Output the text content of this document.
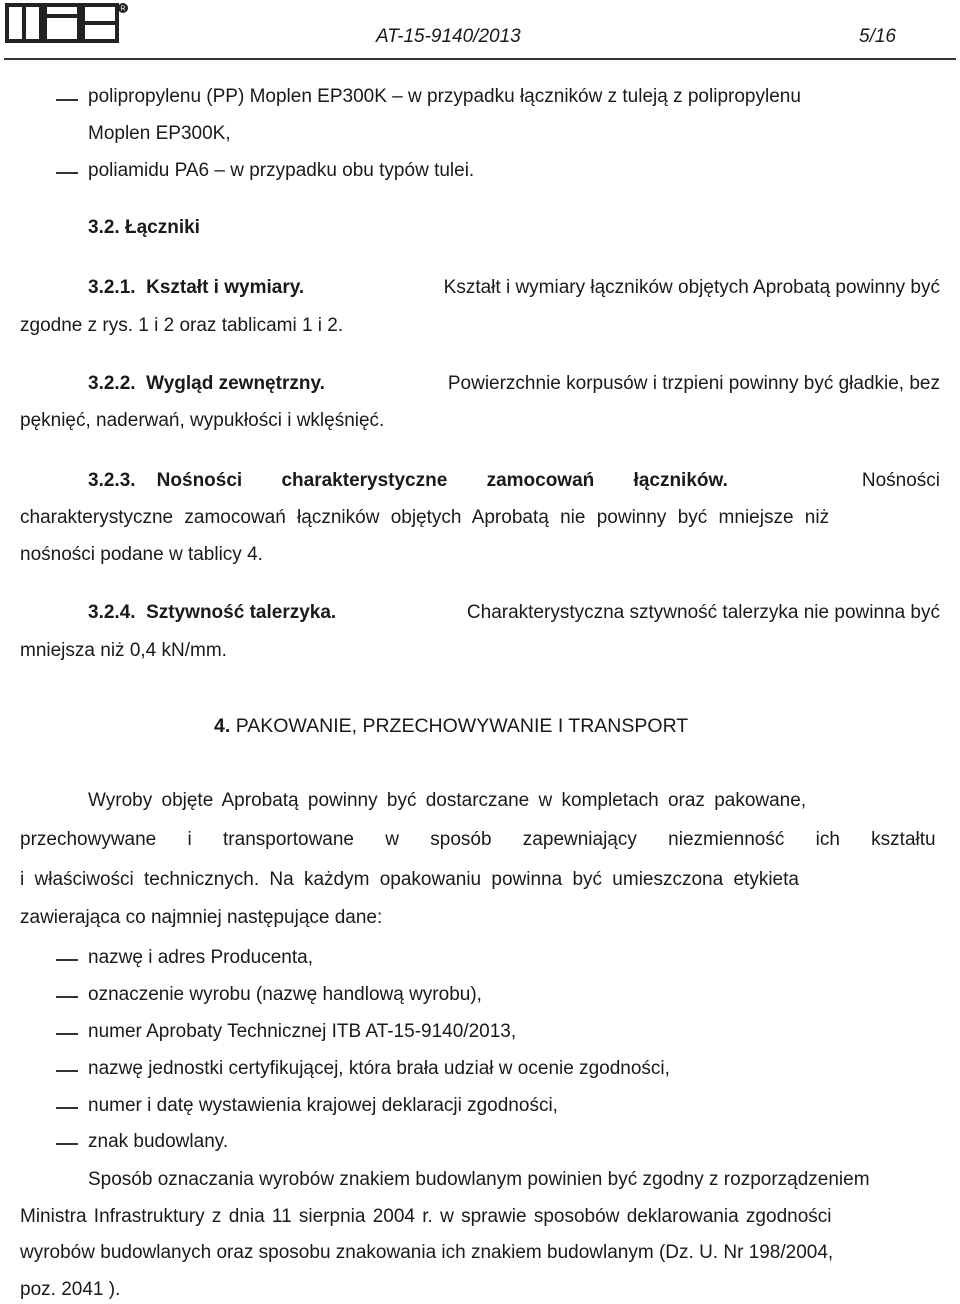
R
AT-15-9140/2013	5/16
polipropylenu (PP) Moplen EP300K – w przypadku łączników z tuleją z polipropylenu
Moplen EP300K,
poliamidu PA6 – w przypadku obu typów tulei.
3.2. Łączniki
3.2.1. Kształt i wymiary.	Kształt i wymiary łączników objętych Aprobatą powinny być
zgodne z rys. 1 i 2 oraz tablicami 1 i 2.
3.2.2. Wygląd zewnętrzny.	Powierzchnie korpusów i trzpieni powinny być gładkie, bez
pęknięć, naderwań, wypukłości i wklęśnięć.
3.2.3. Nośności charakterystyczne zamocowań łączników.	Nośności
charakterystyczne zamocowań łączników objętych Aprobatą nie powinny być mniejsze niż
nośności podane w tablicy 4.
3.2.4. Sztywność talerzyka.	Charakterystyczna sztywność talerzyka nie powinna być
mniejsza niż 0,4 kN/mm.
4. PAKOWANIE, PRZECHOWYWANIE I TRANSPORT
Wyroby objęte Aprobatą powinny być dostarczane w kompletach oraz pakowane,
przechowywane i transportowane w sposób zapewniający niezmienność ich kształtu
i właściwości technicznych. Na każdym opakowaniu powinna być umieszczona etykieta
zawierająca co najmniej następujące dane:
nazwę i adres Producenta,
oznaczenie wyrobu (nazwę handlową wyrobu),
numer Aprobaty Technicznej ITB AT-15-9140/2013,
nazwę jednostki certyfikującej, która brała udział w ocenie zgodności,
numer i datę wystawienia krajowej deklaracji zgodności,
znak budowlany.
Sposób oznaczania wyrobów znakiem budowlanym powinien być zgodny z rozporządzeniem
Ministra Infrastruktury z dnia 11 sierpnia 2004 r. w sprawie sposobów deklarowania zgodności
wyrobów budowlanych oraz sposobu znakowania ich znakiem budowlanym (Dz. U. Nr 198/2004,
poz. 2041 ).
